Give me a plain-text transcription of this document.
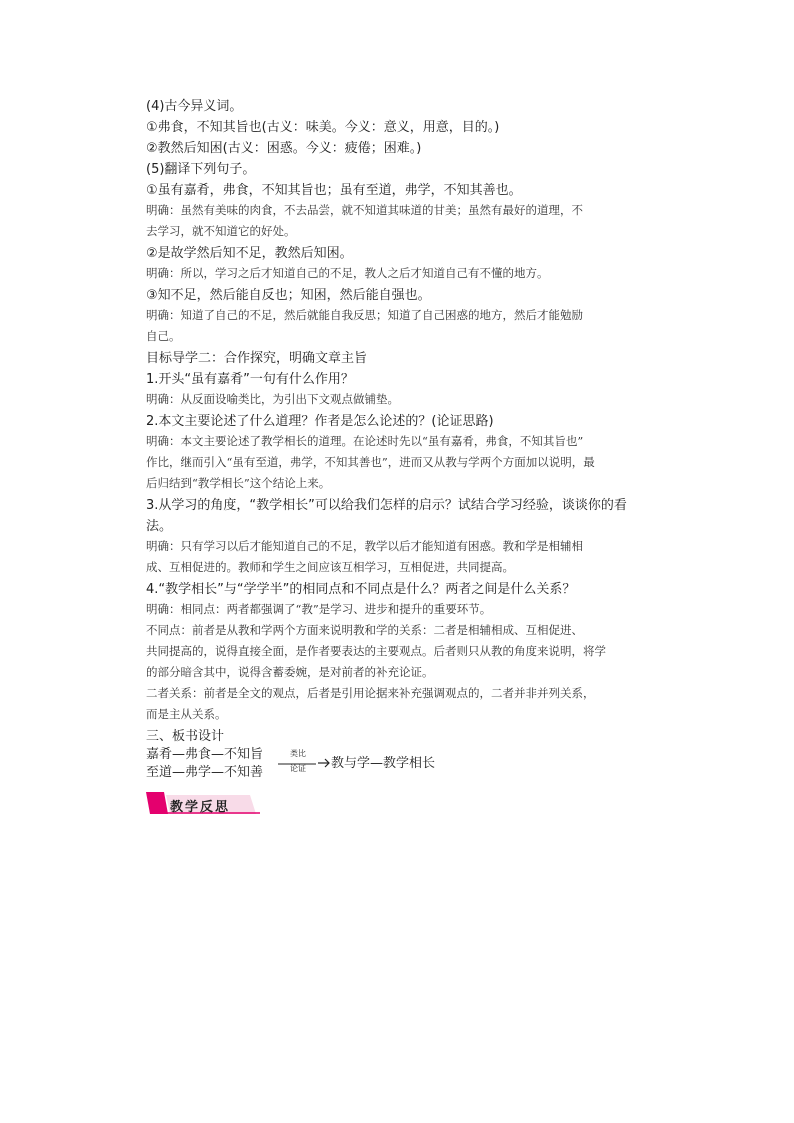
(4)古今异义词。
①弗食，不知其旨也(古义：味美。今义：意义，用意，目的。)
②教然后知困(古义：困惑。今义：疲倦；困难。)
(5)翻译下列句子。
①虽有嘉肴，弗食，不知其旨也；虽有至道，弗学，不知其善也。
明确：虽然有美味的肉食，不去品尝，就不知道其味道的甘美；虽然有最好的道理，不
去学习，就不知道它的好处。
②是故学然后知不足，教然后知困。
明确：所以，学习之后才知道自己的不足，教人之后才知道自己有不懂的地方。
③知不足，然后能自反也；知困，然后能自强也。
明确：知道了自己的不足，然后就能自我反思；知道了自己困惑的地方，然后才能勉励
自己。
目标导学二：合作探究，明确文章主旨
1.开头“虽有嘉肴”一句有什么作用？
明确：从反面设喻类比，为引出下文观点做铺垫。
2.本文主要论述了什么道理？作者是怎么论述的？(论证思路)
明确：本文主要论述了教学相长的道理。在论述时先以“虽有嘉肴，弗食，不知其旨也”
作比，继而引入“虽有至道，弗学，不知其善也”，进而又从教与学两个方面加以说明，最
后归结到“教学相长”这个结论上来。
3.从学习的角度，“教学相长”可以给我们怎样的启示？试结合学习经验，谈谈你的看
法。
明确：只有学习以后才能知道自己的不足，教学以后才能知道有困惑。教和学是相辅相
成、互相促进的。教师和学生之间应该互相学习，互相促进，共同提高。
4.“教学相长”与“学学半”的相同点和不同点是什么？两者之间是什么关系？
明确：相同点：两者都强调了“教”是学习、进步和提升的重要环节。
不同点：前者是从教和学两个方面来说明教和学的关系：二者是相辅相成、互相促进、
共同提高的，说得直接全面，是作者要表达的主要观点。后者则只从教的角度来说明，将学
的部分暗含其中，说得含蓄委婉，是对前者的补充论证。
二者关系：前者是全文的观点，后者是引用论据来补充强调观点的，二者并非并列关系，
而是主从关系。
三、板书设计
嘉肴—弗食—不知旨
至道—弗学—不知善
类比
论证 教与学—教学相长
教学反思
